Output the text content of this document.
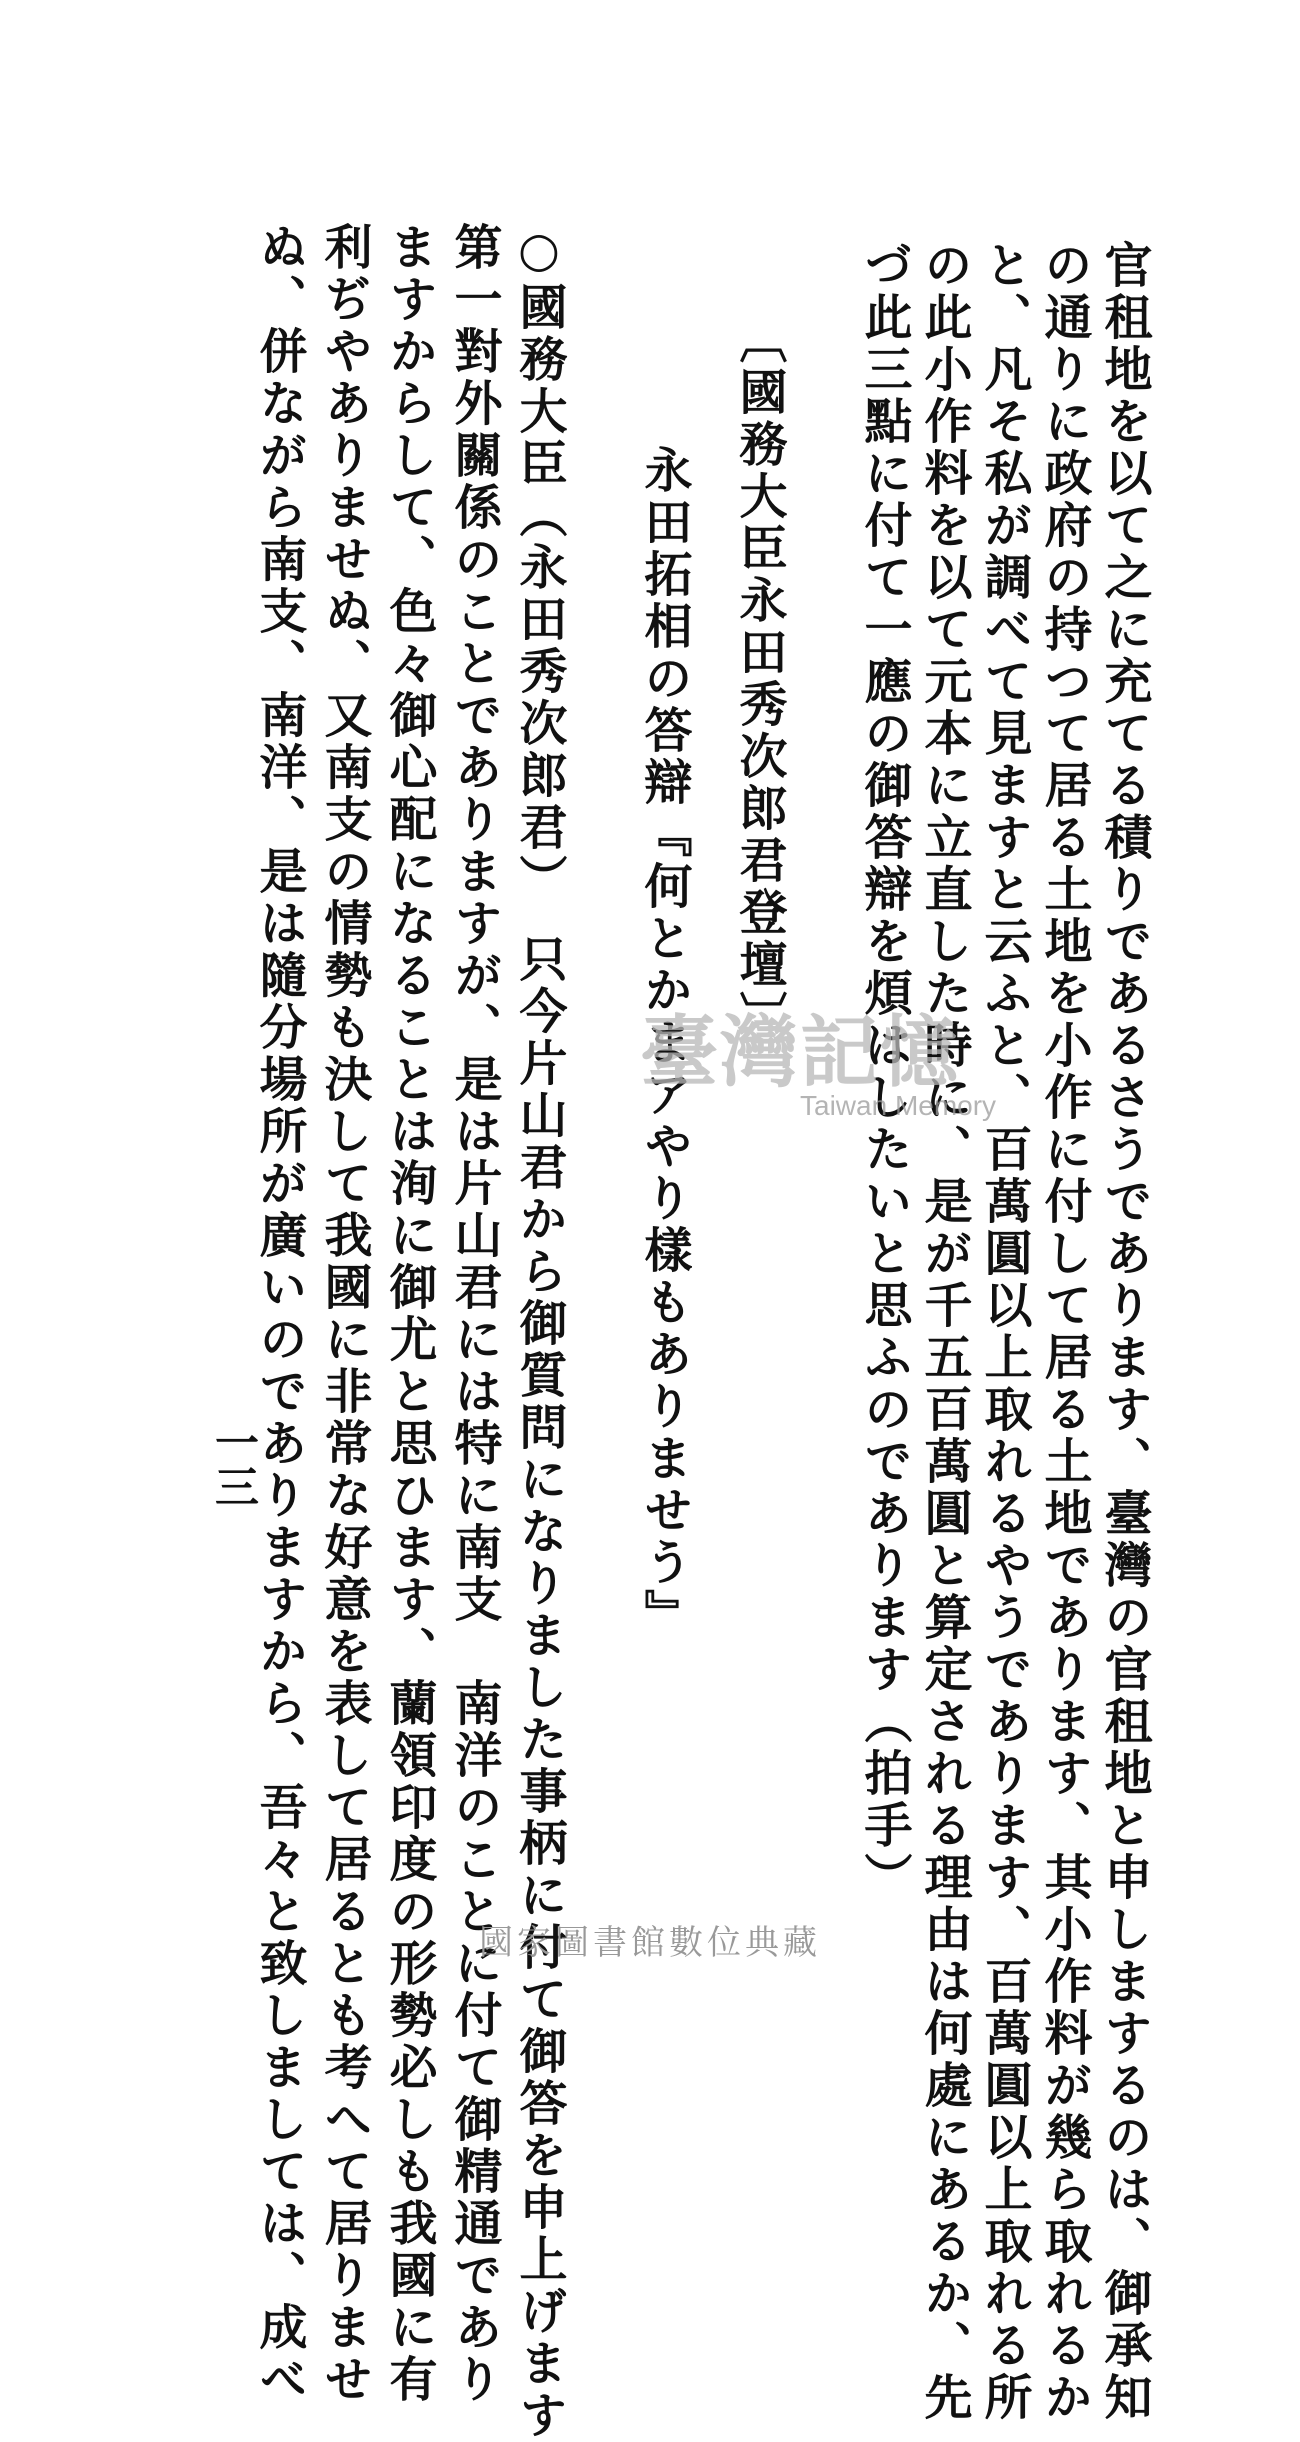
官租地を以て之に充てる積りであるさうであります、臺灣の官租地と申しまするのは、御承知
の通りに政府の持つて居る土地を小作に付して居る土地であります、其小作料が幾ら取れるか
と、凡そ私が調べて見ますと云ふと、百萬圓以上取れるやうであります、百萬圓以上取れる所
の此小作料を以て元本に立直した時に、是が千五百萬圓と算定される理由は何處にあるか、先
づ此三點に付て一應の御答辯を煩はしたいと思ふのであります（拍手）
〔國務大臣永田秀次郎君登壇〕
永田拓相の答辯『何とかまアやり樣もありませう』
○國務大臣（永田秀次郎君）　只今片山君から御質問になりました事柄に付て御答を申上げます
第一對外關係のことでありますが、是は片山君には特に南支　南洋のことに付て御精通であり
ますからして、色々御心配になることは洵に御尤と思ひます、蘭領印度の形勢必しも我國に有
利ぢやありませぬ、又南支の情勢も決して我國に非常な好意を表して居るとも考へて居りませ
ぬ、併ながら南支、南洋、是は隨分場所が廣いのでありますから、吾々と致しましては、成べ
一三
臺灣記憶
Taiwan Memory
國家圖書館數位典藏
